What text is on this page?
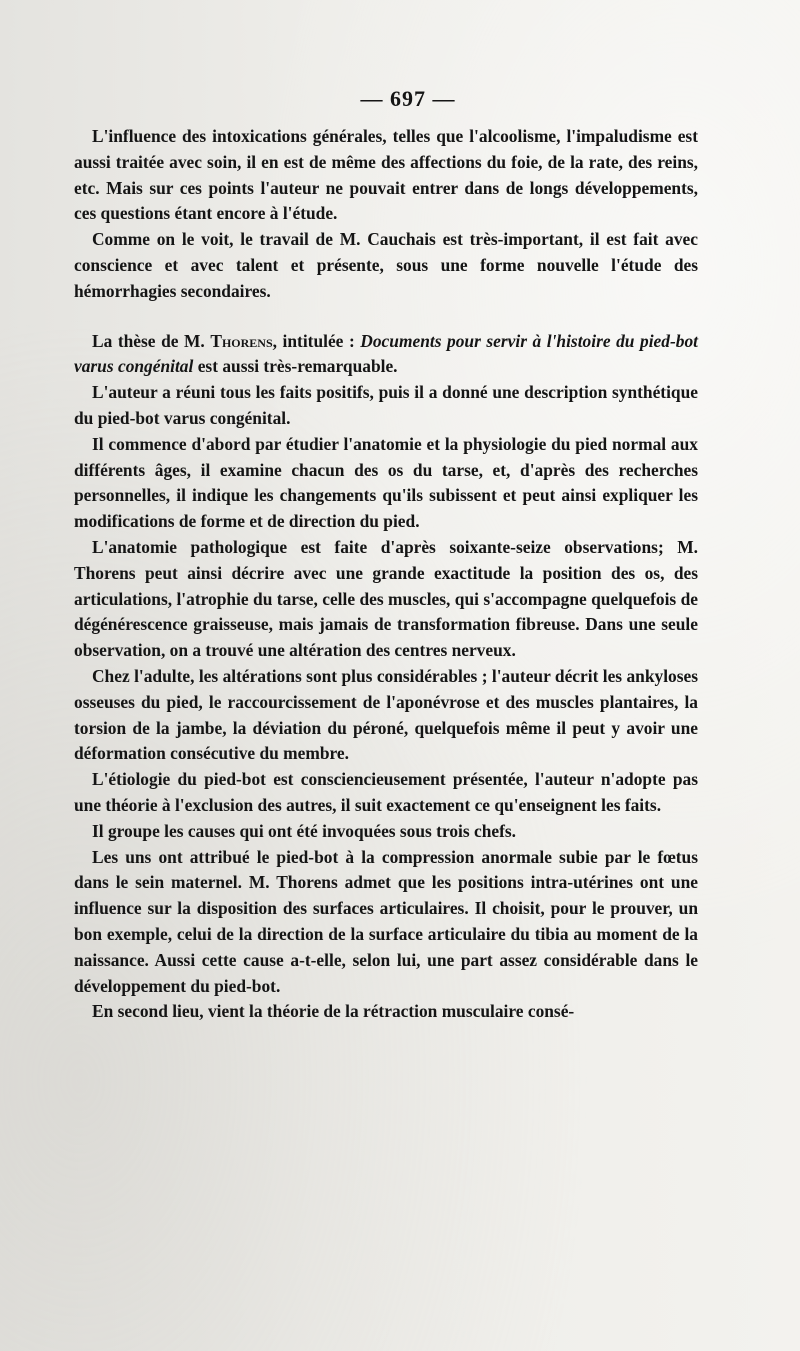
— 697 —

L'influence des intoxications générales, telles que l'alcoolisme, l'impaludisme est aussi traitée avec soin, il en est de même des affections du foie, de la rate, des reins, etc. Mais sur ces points l'auteur ne pouvait entrer dans de longs développements, ces questions étant encore à l'étude.

Comme on le voit, le travail de M. Cauchais est très-important, il est fait avec conscience et avec talent et présente, sous une forme nouvelle l'étude des hémorrhagies secondaires.

La thèse de M. Thorens, intitulée : Documents pour servir à l'histoire du pied-bot varus congénital est aussi très-remarquable.

L'auteur a réuni tous les faits positifs, puis il a donné une description synthétique du pied-bot varus congénital.

Il commence d'abord par étudier l'anatomie et la physiologie du pied normal aux différents âges, il examine chacun des os du tarse, et, d'après des recherches personnelles, il indique les changements qu'ils subissent et peut ainsi expliquer les modifications de forme et de direction du pied.

L'anatomie pathologique est faite d'après soixante-seize observations; M. Thorens peut ainsi décrire avec une grande exactitude la position des os, des articulations, l'atrophie du tarse, celle des muscles, qui s'accompagne quelquefois de dégénérescence graisseuse, mais jamais de transformation fibreuse. Dans une seule observation, on a trouvé une altération des centres nerveux.

Chez l'adulte, les altérations sont plus considérables ; l'auteur décrit les ankyloses osseuses du pied, le raccourcissement de l'aponévrose et des muscles plantaires, la torsion de la jambe, la déviation du péroné, quelquefois même il peut y avoir une déformation consécutive du membre.

L'étiologie du pied-bot est consciencieusement présentée, l'auteur n'adopte pas une théorie à l'exclusion des autres, il suit exactement ce qu'enseignent les faits.

Il groupe les causes qui ont été invoquées sous trois chefs.

Les uns ont attribué le pied-bot à la compression anormale subie par le fœtus dans le sein maternel. M. Thorens admet que les positions intra-utérines ont une influence sur la disposition des surfaces articulaires. Il choisit, pour le prouver, un bon exemple, celui de la direction de la surface articulaire du tibia au moment de la naissance. Aussi cette cause a-t-elle, selon lui, une part assez considérable dans le développement du pied-bot.

En second lieu, vient la théorie de la rétraction musculaire consé-
